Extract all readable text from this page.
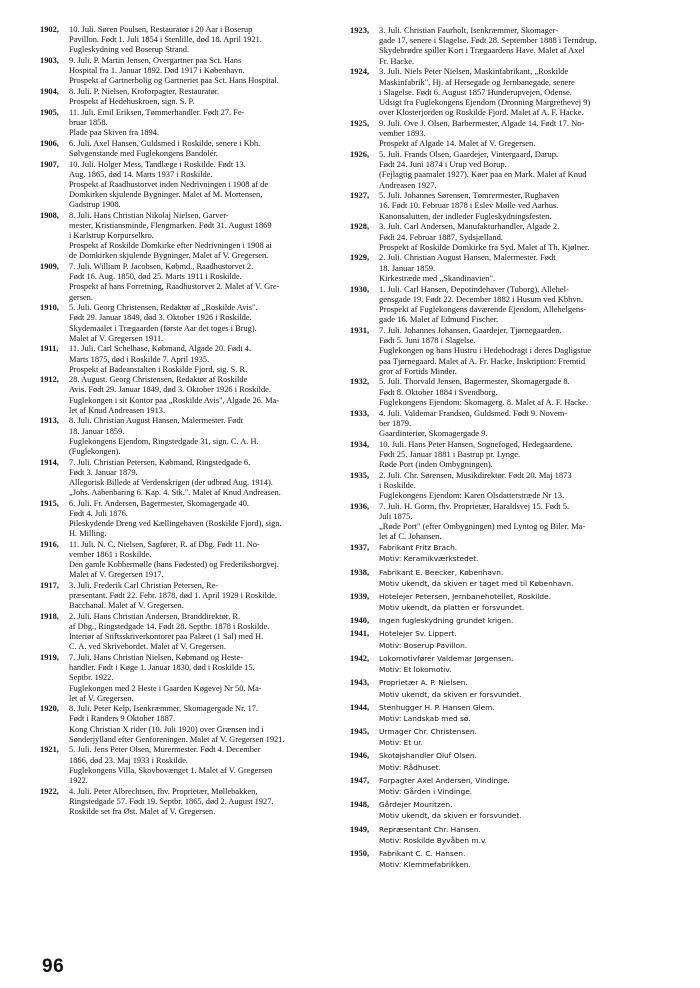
1902, 10. Juli. Søren Poulsen, Restauratør i 20 Aar i Boserup
Pavillon. Født 1. Juli 1854 i Stenlille, død 18. April 1921.
Fugleskydning ved Boserup Strand.
1903, 9. Juli. P. Martin Jensen, Overgartner paa Sct. Hans
Hospital fra 1. Januar 1892. Død 1917 i København.
Prospekt af Gartnerbolig og Gartneriet paa Sct. Hans Hospital.
1904, 8. Juli. P. Nielsen, Kroforpagter, Restauratør.
Prospekt af Hedehuskroen, sign. S. P.
1905, 11. Juli. Emil Eriksen, Tømmerhandler. Født 27. Fe-
bruar 1858.
Plade paa Skiven fra 1894.
1906, 6. Juli. Axel Hansen, Guldsmed i Roskilde, senere i Kbh.
Sølvgenstande med Fuglekongens Bandolér.
1907, 10. Juli. Holger Mess, Tandlæge i Roskilde. Født 13.
Aug. 1865, død 14. Marts 1937 i Roskilde.
Prospekt af Raadhustorvet inden Nedrivningen i 1908 af de
Domkirken skjulende Bygninger. Malet af M. Mortensen,
Gadstrup 1908.
1908, 8. Juli. Hans Christian Nikolaj Nielsen, Garver-
mester, Kristiansminde, Flengmarken. Født 31. August 1869
i Karlstrup Korpurselkro.
Prospekt af Roskilde Domkirke efter Nedrivningen i 1908 ai
de Domkirken skjulende Bygninger. Malet af V. Gregersen.
1909, 7. Juli. William P. Jacobsen, Købmd., Raadhustorvet 2.
Født 16. Aug. 1850, død 25. Marts 1911 i Roskilde.
Prospekt af hans Forretning, Raadhustorvet 2. Malet af V. Gre-
gersen.
1910, 5. Juli. Georg Christensen, Redaktør af „Roskilde Avis".
Født 29. Januar 1849, død 3. Oktober 1926 i Roskilde.
Skydemaalet i Trægaarden (første Aar det toges i Brug).
Malet af V. Gregersen 1911.
1911, 11. Juli. Carl Schelhase, Købmand, Algade 20. Født 4.
Marts 1875, død i Roskilde 7. April 1935.
Prospekt af Badeanstalten i Roskilde Fjord, sig. S. R.
1912, 28. August. Georg Christensen, Redaktør af Roskilde
Avis. Født 29. Januar 1849, død 3. Oktober 1926 i Roskilde.
Fuglekongen i sit Kontor paa „Roskilde Avis", Algade 26. Ma-
let af Knud Andreasen 1913.
1913, 8. Juli. Christian August Hansen, Malermester. Født
18. Januar 1859.
Fuglekongens Ejendom, Ringstedgade 31, sign. C. A. H.
(Fuglekongen).
1914, 7. Juli. Christian Petersen, Købmand, Ringstedgade 6.
Født 3. Januar 1879.
Allegorisk Billede af Verdenskrigen (der udbrød Aug. 1914).
„Johs. Aabenbaring 6. Kap. 4. Stk.". Malet af Knud Andreasen.
1915, 6. Juli. Fr. Andersen, Bagermester, Skomagergade 40.
Født 4. Juli 1876.
Pileskydende Dreng ved Kællingehaven (Roskilde Fjord), sign.
H. Milling.
1916, 11. Juli. N. C. Nielsen, Sagfører, R. af Dbg. Født 11. No-
vember 1861 i Roskilde.
Den gamle Kobbermølle (hans Fødested) og Frederiksborgvej.
Malet af V. Gregersen 1917.
1917, 3. Juli. Frederik Carl Christian Petersen, Re-
præsentant. Født 22. Febr. 1878, død 1. April 1929 i Roskilde.
Bacchanal. Malet af V. Gregersen.
1918, 2. Juli. Hans Christian Andersen, Branddirektør, R.
af Dbg., Ringstedgade 14. Født 28. Septbr. 1878 i Roskilde.
Interiør af Stiftsskriverkontoret paa Palæet (1 Sal) med H.
C. A. ved Skrivebordet. Malet af V. Gregersen.
1919, 7. Juli. Hans Christian Nielsen, Købmand og Heste-
handler. Født i Køge 1. Januar 1830, død i Roskilde 15.
Septbr. 1922.
Fuglekongen med 2 Heste i Gaarden Køgevej Nr 50. Ma-
let af V. Gregersen.
1920, 8. Juli. Peter Kelp, Isenkræmmer, Skomagergade Nr. 17.
Født i Randers 9 Oktober 1887.
Kong Christian X rider (10. Juli 1920) over Grænsen ind i
Sønderjylland efter Genforeningen. Malet af V. Gregersen 1921.
1921, 5. Juli. Jens Peter Olsen, Murermester. Født 4. December
1866, død 23. Maj 1933 i Roskilde.
Fuglekongens Villa, Skovbovænget 1. Malet af V. Gregersen
1922.
1922, 4. Juli. Peter Albrechtsen, fhv. Proprietær, Møllebakken,
Ringstedgade 57. Født 19. Septbr. 1865, død 2. August 1927.
Roskilde set fra Øst. Malet af V. Gregersen.
1923, 3. Juli. Christian Faurholt, Isenkræmmer, Skomager-
gade 17, senere i Slagelse. Født 28. September 1888 i Terndrup.
Skydebrødre spiller Kort i Trægaardens Have. Malet af Axel
Fr. Hacke.
1924, 3. Juli. Niels Peter Nielsen, Maskinfabrikant, „Roskilde
Maskinfabrik", Hj. af Hersegade og Jernbanegade, senere
i Slagelse. Født 6. August 1857 Hunderupvejen, Odense.
Udsigt fra Fuglekongens Ejendom (Dronning Margrethevej 9)
over Klosterjorden og Roskilde Fjord. Malet af A. F. Hacke.
1925, 9. Juli. Ove J. Olsen, Barbermester, Algade 14. Født 17. No-
vember 1893.
Prospekt af Algade 14. Malet af V. Gregersen.
1926, 5. Juli. Frands Olsen, Gaardejer, Vintergaard, Darup.
Født 24. Juni 1874 i Urup ved Borup.
(Fejlagtig paamalet 1927). Køer paa en Mark. Malet af Knud
Andreasen 1927.
1927, 5. Juli. Johannes Sørensen, Tømrermester, Rughaven
16. Født 10. Februar 1878 i Eslev Mølle ved Aarhus.
Kanonsalutten, der indleder Fugleskydningsfesten.
1928, 3. Juli. Carl Andersen, Manufakturhandler, Algade 2.
Født 24. Februar 1887, Sydsjælland.
Prospekt af Roskilde Domkirke fra Syd. Malet af Th. Kjølner.
1929, 2. Juli. Christian August Hansen, Malermester. Født
18. Januar 1859.
Kirkestræde med „Skandinavien".
1930, 1. Juli. Carl Hansen, Depotindehaver (Tuborg), Allehel-
gensgade 19. Født 22. December 1882 i Husum ved Kbhvn.
Prospekt af Fuglekongens daværende Ejendom, Allehelgens-
gade 16. Malet af Edmund Fischer.
1931, 7. Juli. Johannes Johansen, Gaardejer, Tjørnegaarden.
Født 5. Juni 1878 i Slagelse.
Fuglekongen og hans Hustru i Hedebodragt i deres Dagligstue
paa Tjørnegaard. Malet af A. Fr. Hacke. Inskription: Fremtid
gror af Fortids Minder.
1932, 5. Juli. Thorvald Jensen, Bagermester, Skomagergade 8.
Født 8. Oktober 1884 i Svendborg.
Fuglekongens Ejendom: Skomagerg. 8. Malet af A. F. Hacke.
1933, 4. Juli. Valdemar Frandsen, Guldsmed. Født 9. Novem-
ber 1879.
Gaardinteriør, Skomagergade 9.
1934, 10. Juli. Hans Peter Hansen, Sognefoged, Hedegaardene.
Født 25. Januar 1881 i Bastrup pr. Lynge.
Røde Port (inden Ombygningen).
1935, 2. Juli. Chr. Sørensen, Musikdirektør. Født 20. Maj 1873
i Roskilde.
Fuglekongens Ejendom: Karen Olsdatterstræde Nr 13.
1936, 7. Juli. H. Gorm, fhv. Proprietær, Haraldsvej 15. Født 5.
Juli 1875.
„Røde Port" (efter Ombygningen) med Lyntog og Biler. Ma-
let af C. Johansen.
1937, Fabrikant Fritz Brach.
Motiv: Keramikværkstedet.
1938, Fabrikant E. Beecker, København.
Motiv ukendt, da skiven er taget med til København.
1939, Hotelejer Petersen, Jernbanehotellet, Roskilde.
Motiv ukendt, da platten er forsvundet.
1940, Ingen fugleskydning grundet krigen.
1941, Hotelejer Sv. Lippert.
Motiv: Boserup Pavillon.
1942, Lokomotivfører Valdemar Jørgensen.
Motiv: Et lokomotiv.
1943, Proprietær A. P. Nielsen.
Motiv ukendt, da skiven er forsvundet.
1944, Stenhugger H. P. Hansen Glem.
Motiv: Landskab med sø.
1945, Urmager Chr. Christensen.
Motiv: Et ur.
1946, Skotøjshandler Oluf Olsen.
Motiv: Rådhuset.
1947, Forpagter Axel Andersen, Vindinge.
Motiv: Gården i Vindinge.
1948, Gårdejer Mouritzen.
Motiv ukendt, da skiven er forsvundet.
1949, Repræsentant Chr. Hansen.
Motiv: Roskilde Byvåben m.v.
1950, Fabrikant C. C. Hansen.
Motiv: Klemmefabrikken.
96
